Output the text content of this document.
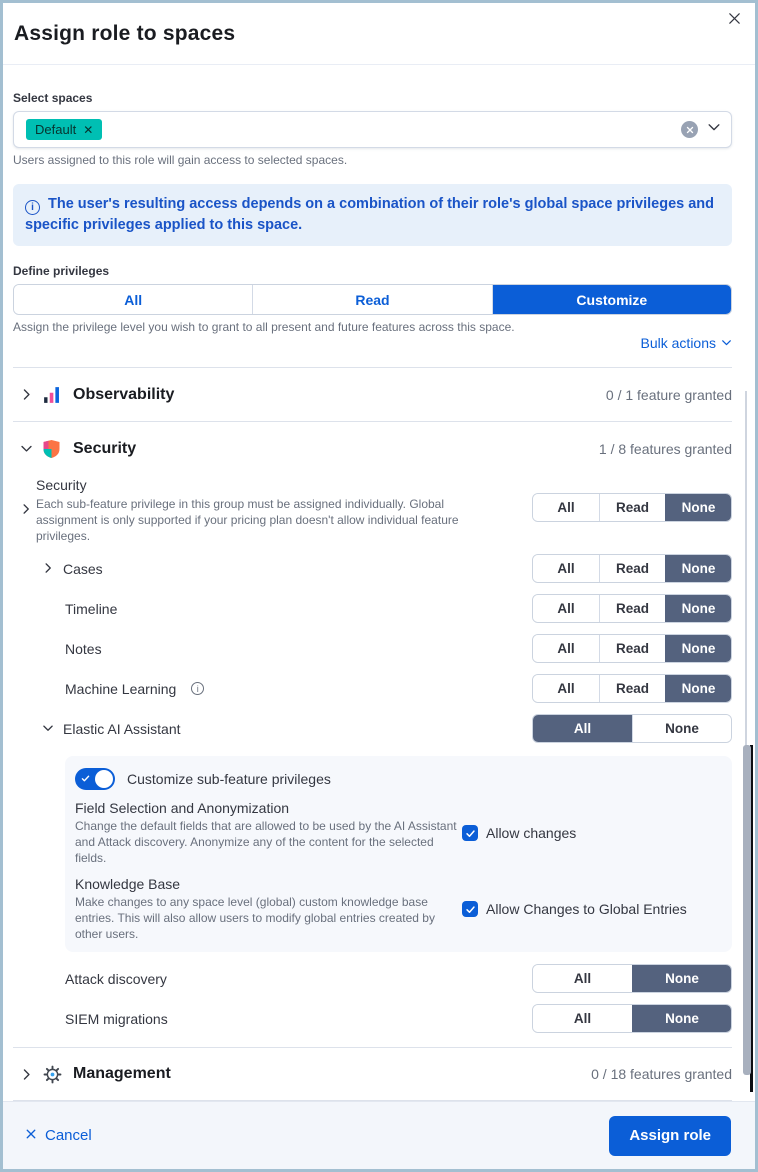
Assign role to spaces
Select spaces
Default ✕
Users assigned to this role will gain access to selected spaces.
i The user's resulting access depends on a combination of their role's global space privileges and specific privileges applied to this space.
Define privileges
All	Read	Customize
Assign the privilege level you wish to grant to all present and future features across this space.
Bulk actions
Observability	0 / 1 feature granted
Security	1 / 8 features granted
Security
Each sub-feature privilege in this group must be assigned individually. Global assignment is only supported if your pricing plan doesn't allow individual feature privileges.
All	Read	None
Cases	All	Read	None
Timeline	All	Read	None
Notes	All	Read	None
Machine Learning	i	All	Read	None
Elastic AI Assistant	All	None
Customize sub-feature privileges
Field Selection and Anonymization
Change the default fields that are allowed to be used by the AI Assistant and Attack discovery. Anonymize any of the content for the selected fields.
Allow changes
Knowledge Base
Make changes to any space level (global) custom knowledge base entries. This will also allow users to modify global entries created by other users.
Allow Changes to Global Entries
Attack discovery	All	None
SIEM migrations	All	None
Management	0 / 18 features granted
Cancel	Assign role
